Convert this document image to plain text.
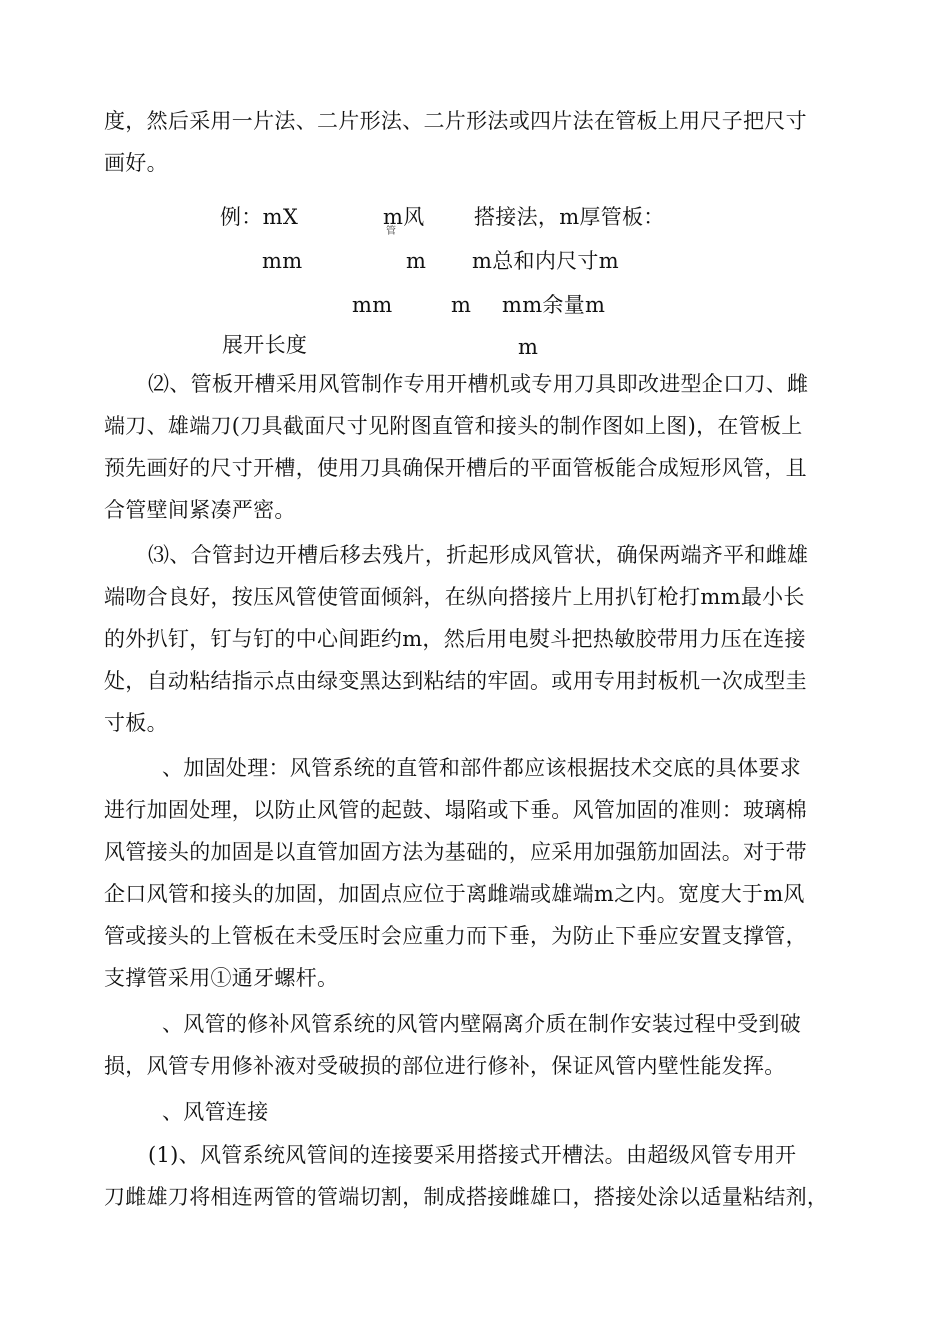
度，然后采用一片法、二片形法、二片形法或四片法在管板上用尺子把尺寸
画好。
例：mX	m风
管
搭接法，m厚管板：
mm	m m总和内尺寸m
mm	m mm余量m
展开长度	m
⑵、管板开槽采用风管制作专用开槽机或专用刀具即改进型企口刀、雌
端刀、雄端刀(刀具截面尺寸见附图直管和接头的制作图如上图)，在管板上
预先画好的尺寸开槽，使用刀具确保开槽后的平面管板能合成短形风管，且
合管壁间紧凑严密。
⑶、合管封边开槽后移去残片，折起形成风管状，确保两端齐平和雌雄
端吻合良好，按压风管使管面倾斜，在纵向搭接片上用扒钉枪打mm最小长
的外扒钉，钉与钉的中心间距约m，然后用电熨斗把热敏胶带用力压在连接
处，自动粘结指示点由绿变黑达到粘结的牢固。或用专用封板机一次成型圭
寸板。
、加固处理：风管系统的直管和部件都应该根据技术交底的具体要求
进行加固处理，以防止风管的起鼓、塌陷或下垂。风管加固的准则：玻璃棉
风管接头的加固是以直管加固方法为基础的，应采用加强筋加固法。对于带
企口风管和接头的加固，加固点应位于离雌端或雄端m之内。宽度大于m风
管或接头的上管板在未受压时会应重力而下垂，为防止下垂应安置支撑管，
支撑管采用①通牙螺杆。
、风管的修补风管系统的风管内壁隔离介质在制作安装过程中受到破
损，风管专用修补液对受破损的部位进行修补，保证风管内壁性能发挥。
、风管连接
(1)、风管系统风管间的连接要采用搭接式开槽法。由超级风管专用开
刀雌雄刀将相连两管的管端切割，制成搭接雌雄口，搭接处涂以适量粘结剂，
